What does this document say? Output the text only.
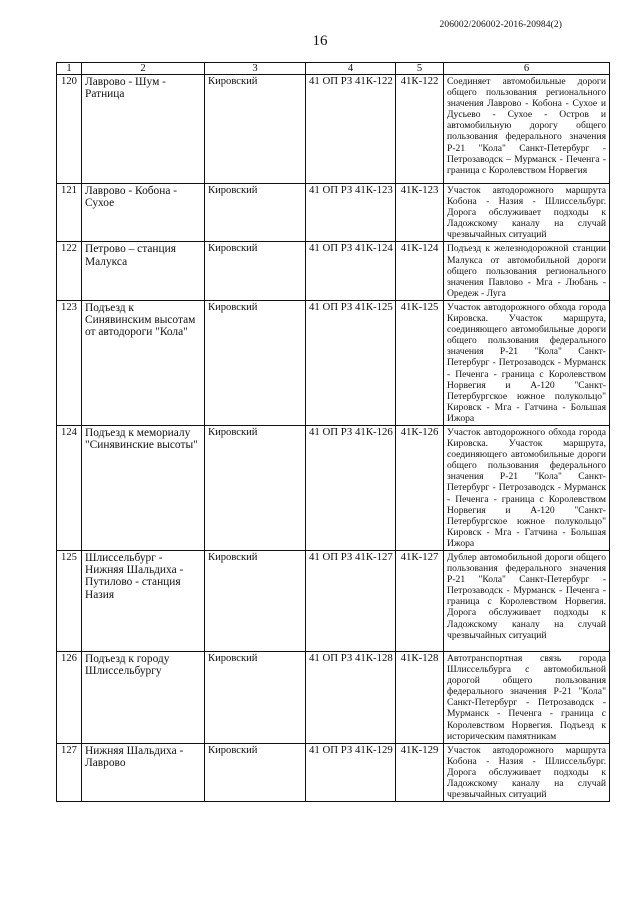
206002/206002-2016-20984(2)
16
1	2	3	4	5	6
120	Лаврово - Шум - Ратница	Кировский	41 ОП РЗ 41К-122	41К-122	Соединяет автомобильные дороги общего пользования регионального значения Лаврово - Кобона - Сухое и Дусьево - Сухое - Остров и автомобильную дорогу общего пользования федерального значения Р-21 "Кола" Санкт-Петербург - Петрозаводск – Мурманск - Печенга - граница с Королевством Норвегия
121	Лаврово - Кобона - Сухое	Кировский	41 ОП РЗ 41К-123	41К-123	Участок автодорожного маршрута Кобона - Назия - Шлиссельбург. Дорога обслуживает подходы к Ладожскому каналу на случай чрезвычайных ситуаций
122	Петрово – станция Малукса	Кировский	41 ОП РЗ 41К-124	41К-124	Подъезд к железнодорожной станции Малукса от автомобильной дороги общего пользования регионального значения Павлово - Мга - Любань - Оредеж - Луга
123	Подъезд к Синявинским высотам от автодороги "Кола"	Кировский	41 ОП РЗ 41К-125	41К-125	Участок автодорожного обхода города Кировска. Участок маршрута, соединяющего автомобильные дороги общего пользования федерального значения Р-21 "Кола" Санкт-Петербург - Петрозаводск - Мурманск - Печенга - граница с Королевством Норвегия и А-120 "Санкт-Петербургское южное полукольцо" Кировск - Мга - Гатчина - Большая Ижора
124	Подъезд к мемориалу "Синявинские высоты"	Кировский	41 ОП РЗ 41К-126	41К-126	Участок автодорожного обхода города Кировска. Участок маршрута, соединяющего автомобильные дороги общего пользования федерального значения Р-21 "Кола" Санкт-Петербург - Петрозаводск - Мурманск - Печенга - граница с Королевством Норвегия и А-120 "Санкт-Петербургское южное полукольцо" Кировск - Мга - Гатчина - Большая Ижора
125	Шлиссельбург - Нижняя Шальдиха - Путилово - станция Назия	Кировский	41 ОП РЗ 41К-127	41К-127	Дублер автомобильной дороги общего пользования федерального значения Р-21 "Кола" Санкт-Петербург - Петрозаводск - Мурманск - Печенга - граница с Королевством Норвегия. Дорога обслуживает подходы к Ладожскому каналу на случай чрезвычайных ситуаций
126	Подъезд к городу Шлиссельбургу	Кировский	41 ОП РЗ 41К-128	41К-128	Автотранспортная связь города Шлиссельбурга с автомобильной дорогой общего пользования федерального значения Р-21 "Кола" Санкт-Петербург - Петрозаводск - Мурманск - Печенга - граница с Королевством Норвегия. Подъезд к историческим памятникам
127	Нижняя Шальдиха - Лаврово	Кировский	41 ОП РЗ 41К-129	41К-129	Участок автодорожного маршрута Кобона - Назия - Шлиссельбург. Дорога обслуживает подходы к Ладожскому каналу на случай чрезвычайных ситуаций
